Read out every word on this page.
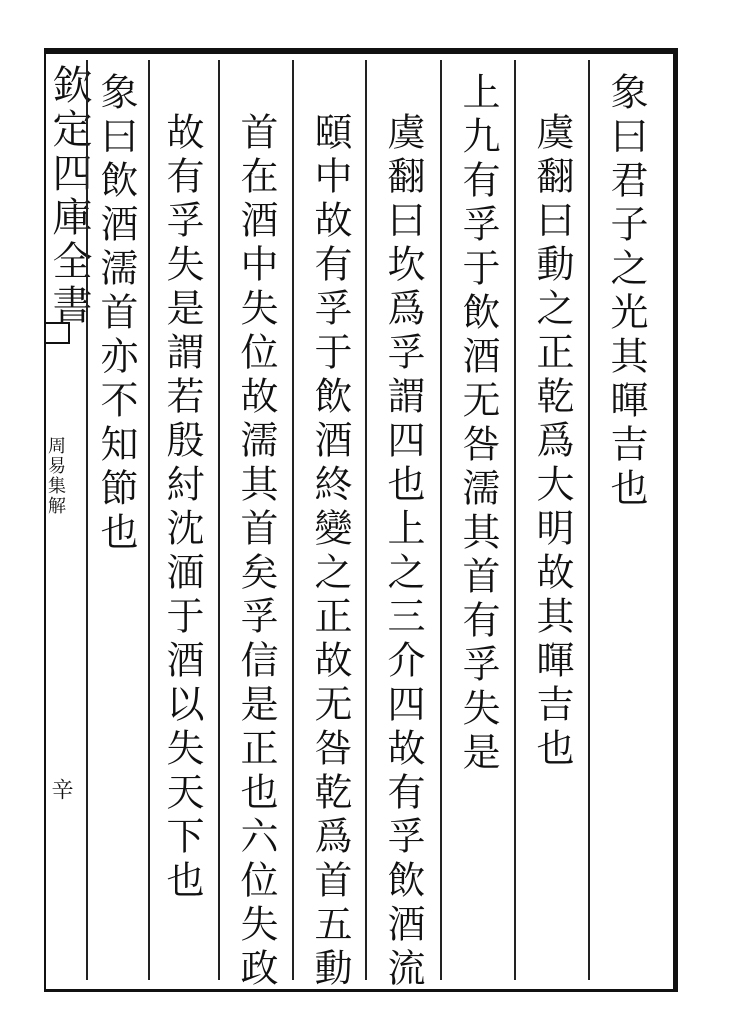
欽定四庫全書
周易集解
辛
象曰君子之光其暉吉也
虞翻曰動之正乾爲大明故其暉吉也
上九有孚于飲酒无咎濡其首有孚失是
虞翻曰坎爲孚謂四也上之三介四故有孚飲酒流
頤中故有孚于飲酒終變之正故无咎乾爲首五動
首在酒中失位故濡其首矣孚信是正也六位失政
故有孚失是謂若殷紂沈湎于酒以失天下也
象曰飲酒濡首亦不知節也
